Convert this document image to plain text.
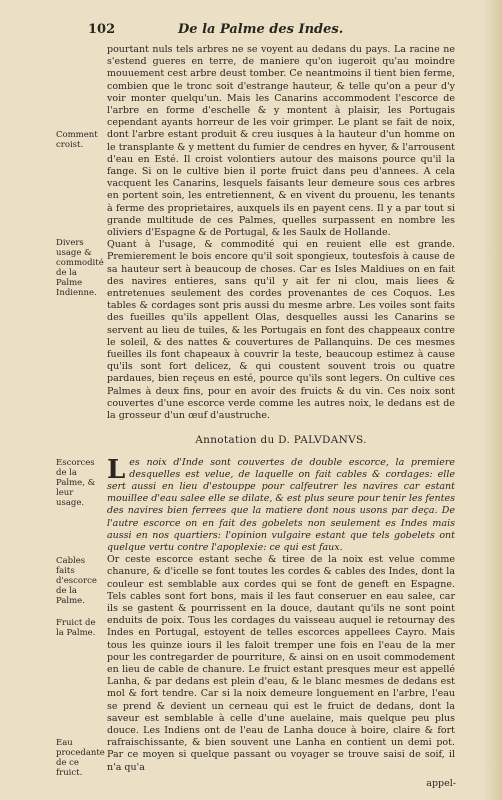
102	De la Palme des Indes.
Comment croist.
Divers usage & commodité de la Palme Indienne.
Escorces de la Palme, & leur usage.
Cables faits d'escorce de la Palme.
Fruict de la Palme.
Eau procedante de ce fruict.

pourtant nuls tels arbres ne se voyent au dedans du pays. La racine ne s'estend gueres en terre, de maniere qu'on iugeroit qu'au moindre mouuement cest arbre deust tomber. Ce neantmoins il tient bien ferme, combien que le tronc soit d'estrange hauteur, & telle qu'on a peur d'y voir monter quelqu'un. Mais les Canarins accommodent l'escorce de l'arbre en forme d'eschelle & y montent à plaisir, les Portugais cependant ayants horreur de les voir grimper. Le plant se fait de noix, dont l'arbre estant produit & creu iusques à la hauteur d'un homme on le transplante & y mettent du fumier de cendres en hyver, & l'arrousent d'eau en Esté. Il croist volontiers autour des maisons pource qu'il la fange. Si on le cultive bien il porte fruict dans peu d'annees. A cela vacquent les Canarins, lesquels faisants leur demeure sous ces arbres en portent soin, les entretiennent, & en vivent du prouenu, les tenants à ferme des proprietaires, auxquels ils en payent cens. Il y a par tout si grande multitude de ces Palmes, quelles surpassent en nombre les oliviers d'Espagne & de Portugal, & les Saulx de Hollande.

Quant à l'usage, & commodité qui en reuient elle est grande. Premierement le bois encore qu'il soit spongieux, toutesfois à cause de sa hauteur sert à beaucoup de choses. Car es Isles Maldiues on en fait des navires entieres, sans qu'il y ait fer ni clou, mais liees & entretenues seulement des cordes provenantes de ces Coquos. Les tables & cordages sont pris aussi du mesme arbre. Les voiles sont faits des fueilles qu'ils appellent Olas, desquelles aussi les Canarins se servent au lieu de tuiles, & les Portugais en font des chappeaux contre le soleil, & des nattes & couvertures de Pallanquins. De ces mesmes fueilles ils font chapeaux à couvrir la teste, beaucoup estimez à cause qu'ils sont fort delicez, & qui coustent souvent trois ou quatre pardaues, bien reçeus en esté, pource qu'ils sont legers. On cultive ces Palmes à deux fins, pour en avoir des fruicts & du vin. Ces noix sont couvertes d'une escorce verde comme les autres noix, le dedans est de la grosseur d'un œuf d'austruche.

Annotation du D. PALVDANVS.

Les noix d'Inde sont couvertes de double escorce, la premiere desquelles est velue, de laquelle on fait cables & cordages: elle sert aussi en lieu d'estouppe pour calfeutrer les navires car estant mouillee d'eau salee elle se dilate, & est plus seure pour tenir les fentes des navires bien ferrees que la matiere dont nous usons par deça. De l'autre escorce on en fait des gobelets non seulement es Indes mais aussi en nos quartiers: l'opinion vulgaire estant que tels gobelets ont quelque vertu contre l'apoplexie: ce qui est faux.

Or ceste escorce estant seche & tiree de la noix est velue comme chanure, & d'icelle se font toutes les cordes & cables des Indes, dont la couleur est semblable aux cordes qui se font de geneft en Espagne. Tels cables sont fort bons, mais il les faut conseruer en eau salee, car ils se gastent & pourrissent en la douce, dautant qu'ils ne sont point enduits de poix. Tous les cordages du vaisseau auquel ie retournay des Indes en Portugal, estoyent de telles escorces appellees Cayro. Mais tous les quinze iours il les faloit tremper une fois en l'eau de la mer pour les contregarder de pourriture, & ainsi on en usoit commodement en lieu de cable de chanure. Le fruict estant presques meur est appellé Lanha, & par dedans est plein d'eau, & le blanc mesmes de dedans est mol & fort tendre. Car si la noix demeure longuement en l'arbre, l'eau se prend & devient un cerneau qui est le fruict de dedans, dont la saveur est semblable à celle d'une auelaine, mais quelque peu plus douce. Les Indiens ont de l'eau de Lanha douce à boire, claire & fort rafraischissante, & bien souvent une Lanha en contient un demi pot. Par ce moyen si quelque passant ou voyager se trouve saisi de soif, il n'a qu'a

appel-
